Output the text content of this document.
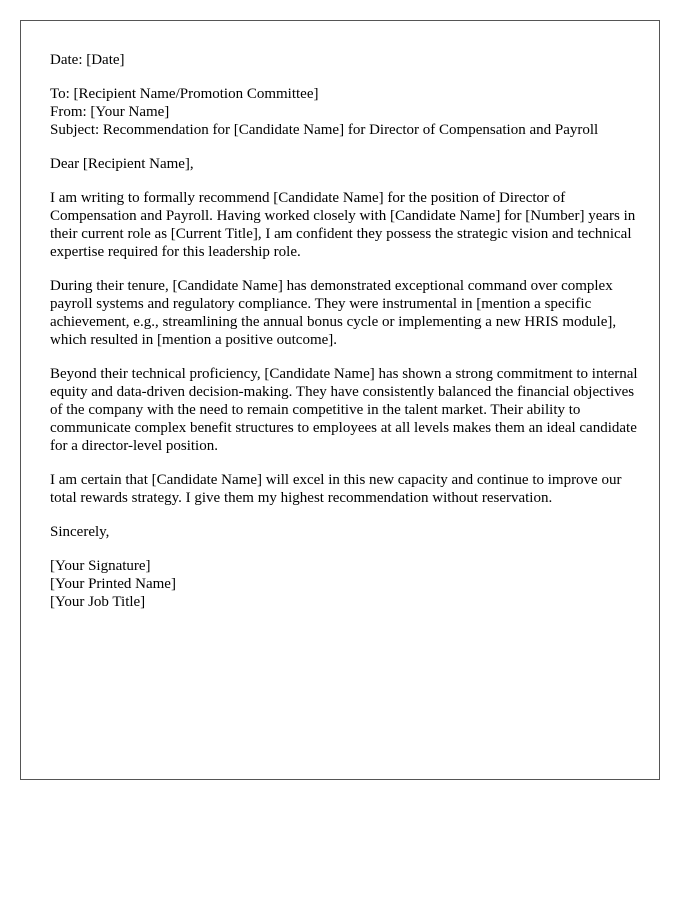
Date: [Date]
To: [Recipient Name/Promotion Committee]
From: [Your Name]
Subject: Recommendation for [Candidate Name] for Director of Compensation and Payroll
Dear [Recipient Name],

I am writing to formally recommend [Candidate Name] for the position of Director of Compensation and Payroll. Having worked closely with [Candidate Name] for [Number] years in their current role as [Current Title], I am confident they possess the strategic vision and technical expertise required for this leadership role.

During their tenure, [Candidate Name] has demonstrated exceptional command over complex payroll systems and regulatory compliance. They were instrumental in [mention a specific achievement, e.g., streamlining the annual bonus cycle or implementing a new HRIS module], which resulted in [mention a positive outcome].

Beyond their technical proficiency, [Candidate Name] has shown a strong commitment to internal equity and data-driven decision-making. They have consistently balanced the financial objectives of the company with the need to remain competitive in the talent market. Their ability to communicate complex benefit structures to employees at all levels makes them an ideal candidate for a director-level position.

I am certain that [Candidate Name] will excel in this new capacity and continue to improve our total rewards strategy. I give them my highest recommendation without reservation.

Sincerely,
[Your Signature]
[Your Printed Name]
[Your Job Title]
